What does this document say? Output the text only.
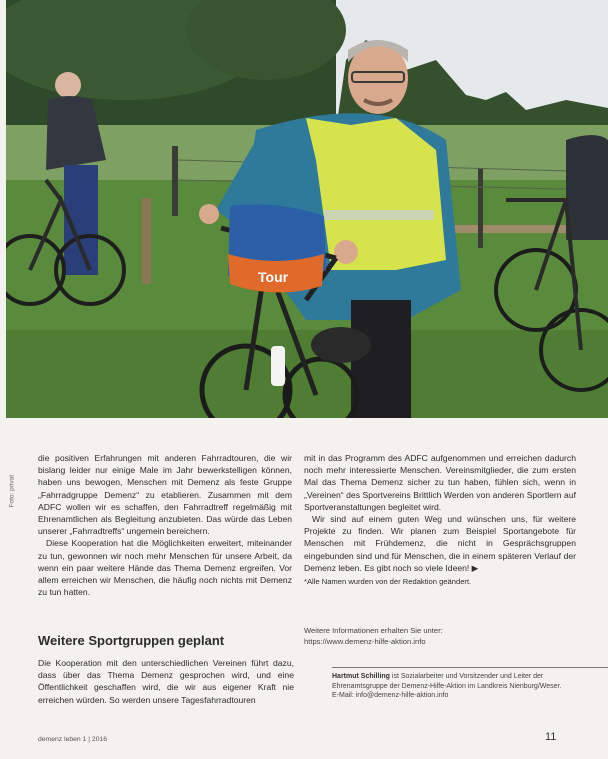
Tour
Foto: privat

die positiven Erfahrungen mit anderen Fahrradtouren, die wir bislang leider nur einige Male im Jahr bewerkstelligen können, haben uns bewogen, Menschen mit Demenz als feste Gruppe „Fahrradgruppe Demenz“ zu etablieren. Zusammen mit dem ADFC wollen wir es schaffen, den Fahrradtreff regelmäßig mit Ehrenamtlichen als Begleitung anzubieten. Das würde das Leben unserer „Fahrradtreffs“ ungemein bereichern.

Diese Kooperation hat die Möglichkeiten erweitert, miteinander zu tun, gewonnen wir noch mehr Menschen für unsere Arbeit, da wenn ein paar weitere Hände das Thema Demenz ergreifen. Vor allem erreichen wir Menschen, die häufig noch nichts mit Demenz zu tun hatten.

mit in das Programm des ADFC aufgenommen und erreichen dadurch noch mehr interessierte Menschen. Vereinsmitglieder, die zum ersten Mal das Thema Demenz sicher zu tun haben, fühlen sich, wenn in „Vereinen“ des Sportvereins Brittlich Werden von anderen Sportlern auf Sportveranstaltungen begleitet wird.

Wir sind auf einem guten Weg und wünschen uns, für weitere Projekte zu finden. Wir planen zum Beispiel Sportangebote für Menschen mit Frühdemenz, die nicht in Gesprächsgruppen eingebunden sind und für Menschen, die in einem späteren Verlauf der Demenz leben. Es gibt noch so viele Ideen! ▶

*Alle Namen wurden von der Redaktion geändert.

Weitere Sportgruppen geplant

Die Kooperation mit den unterschiedlichen Vereinen führt dazu, dass über das Thema Demenz gesprochen wird, und eine Öffentlichkeit geschaffen wird, die wir aus eigener Kraft nie erreichen würden. So werden unsere Tagesfahrradtouren

Weitere Informationen erhalten Sie unter:
https://www.demenz-hilfe-aktion.info
Hartmut Schilling ist Sozialarbeiter und Vorsitzender und Leiter der Ehrenamtsgruppe der Demenz-Hilfe-Aktion im Landkreis Nienburg/Weser.
E-Mail: info@demenz-hilfe-aktion.info
demenz leben 1 | 2016	11
